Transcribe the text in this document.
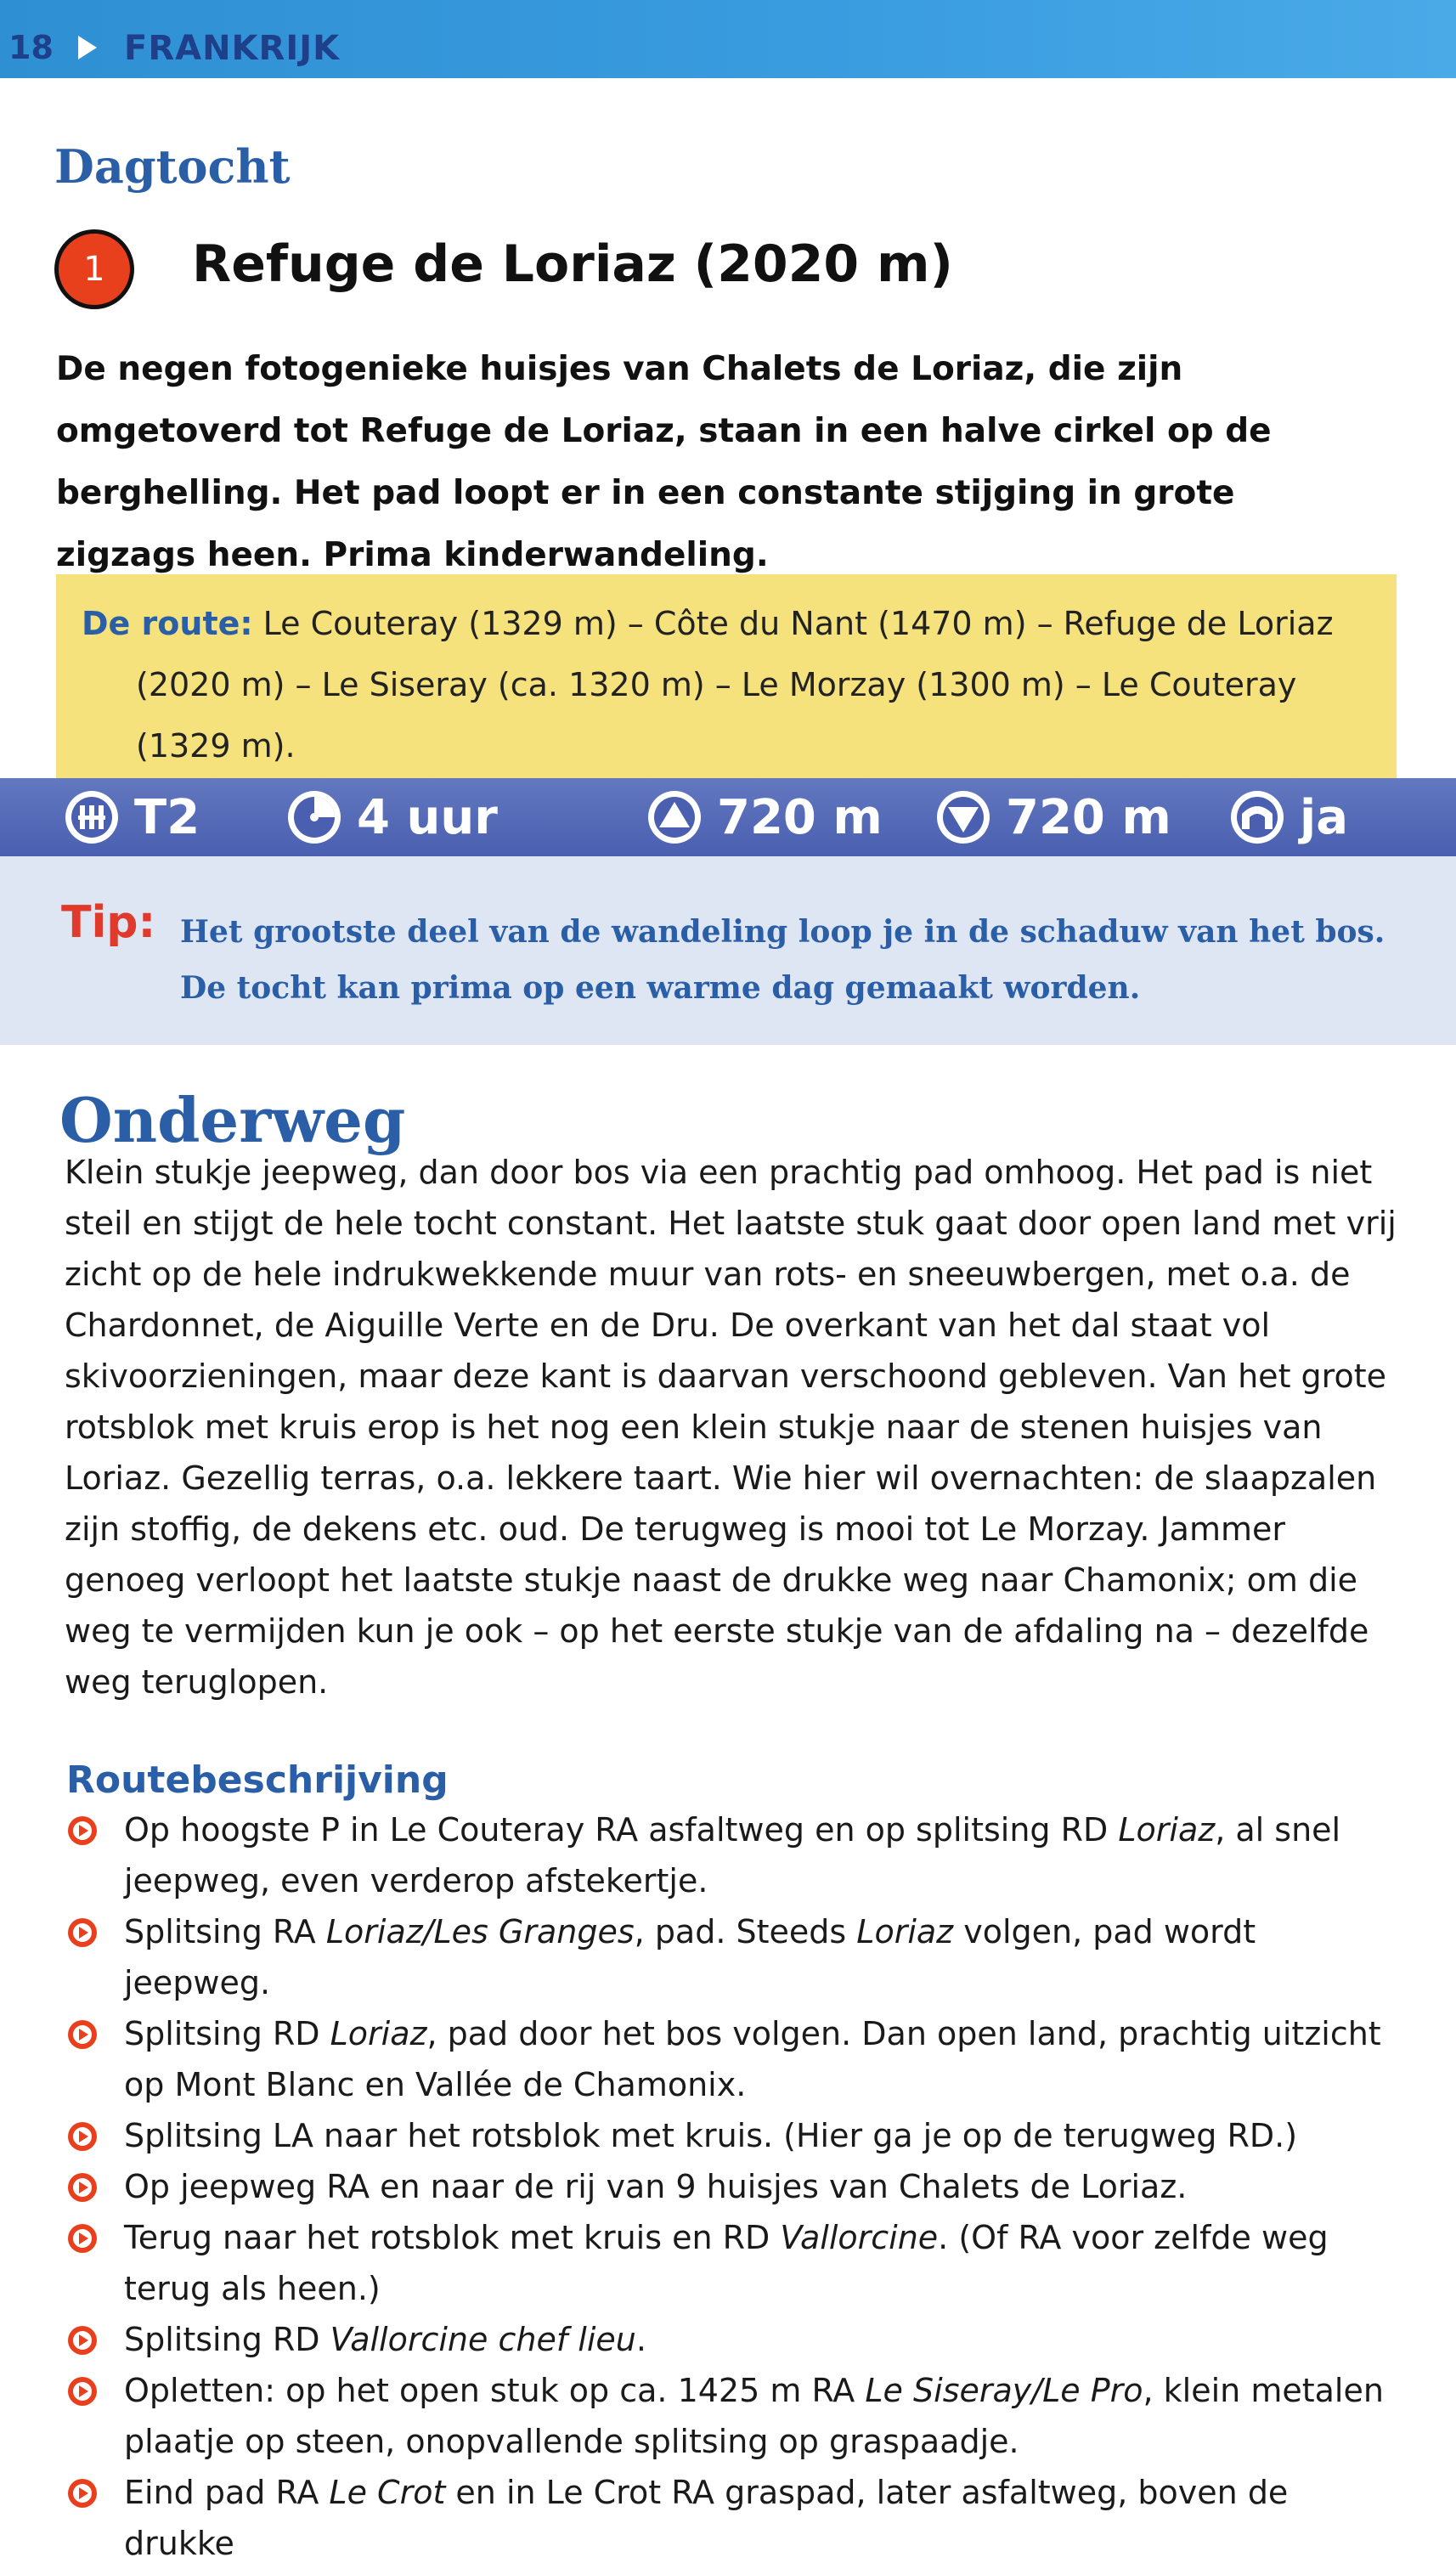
18 FRANKRIJK
Dagtocht
1	Refuge de Loriaz (2020 m)

De negen fotogenieke huisjes van Chalets de Loriaz, die zijn omgetoverd tot Refuge de Loriaz, staan in een halve cirkel op de berghelling. Het pad loopt er in een constante stijging in grote zigzags heen. Prima kinderwandeling.

De route: Le Couteray (1329 m) – Côte du Nant (1470 m) – Refuge de Loriaz (2020 m) – Le Siseray (ca. 1320 m) – Le Morzay (1300 m) – Le Couteray (1329 m).

T2	4 uur	720 m	720 m	ja
Tip: Het grootste deel van de wandeling loop je in de schaduw van het bos.
De tocht kan prima op een warme dag gemaakt worden.

Onderweg

Klein stukje jeepweg, dan door bos via een prachtig pad omhoog. Het pad is niet steil en stijgt de hele tocht constant. Het laatste stuk gaat door open land met vrij zicht op de hele indrukwekkende muur van rots- en sneeuwbergen, met o.a. de Chardonnet, de Aiguille Verte en de Dru. De overkant van het dal staat vol skivoorzieningen, maar deze kant is daarvan verschoond gebleven. Van het grote rotsblok met kruis erop is het nog een klein stukje naar de stenen huisjes van Loriaz. Gezellig terras, o.a. lekkere taart. Wie hier wil overnachten: de slaapzalen zijn stoffig, de dekens etc. oud. De terugweg is mooi tot Le Morzay. Jammer genoeg verloopt het laatste stukje naast de drukke weg naar Chamonix; om die weg te vermijden kun je ook – op het eerste stukje van de afdaling na – dezelfde weg teruglopen.

Routebeschrijving
Op hoogste P in Le Couteray RA asfaltweg en op splitsing RD Loriaz, al snel jeepweg, even verderop afstekertje.
Splitsing RA Loriaz/Les Granges, pad. Steeds Loriaz volgen, pad wordt jeepweg.
Splitsing RD Loriaz, pad door het bos volgen. Dan open land, prachtig uitzicht op Mont Blanc en Vallée de Chamonix.
Splitsing LA naar het rotsblok met kruis. (Hier ga je op de terugweg RD.)
Op jeepweg RA en naar de rij van 9 huisjes van Chalets de Loriaz.
Terug naar het rotsblok met kruis en RD Vallorcine. (Of RA voor zelfde weg terug als heen.)
Splitsing RD Vallorcine chef lieu.
Opletten: op het open stuk op ca. 1425 m RA Le Siseray/Le Pro, klein metalen plaatje op steen, onopvallende splitsing op graspaadje.
Eind pad RA Le Crot en in Le Crot RA graspad, later asfaltweg, boven de drukke
